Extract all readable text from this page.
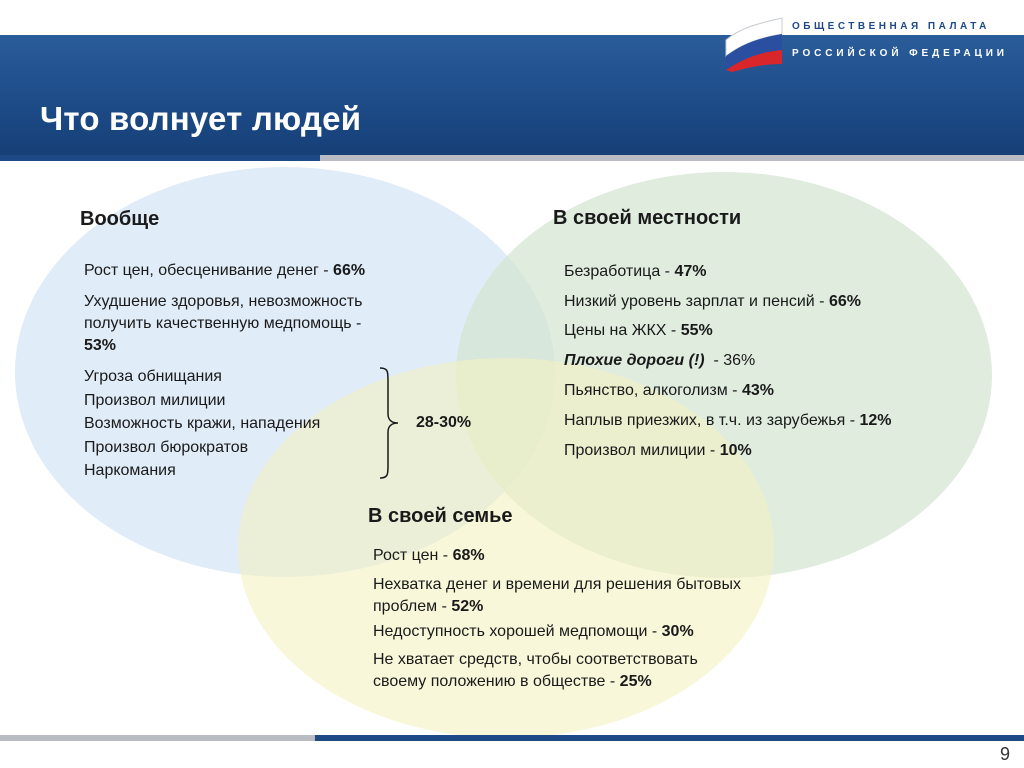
ОБЩЕСТВЕННАЯ ПАЛАТА
РОССИЙСКОЙ ФЕДЕРАЦИИ
Что волнует людей
Вообще
Рост цен, обесценивание денег - 66%
Ухудшение здоровья, невозможность получить качественную медпомощь - 53%
Угроза обнищания
Произвол милиции
Возможность кражи, нападения
Произвол бюрократов
Наркомания
28-30%
В своей местности
Безработица - 47%
Низкий уровень зарплат и пенсий - 66%
Цены на ЖКХ - 55%
Плохие дороги (!)  - 36%
Пьянство, алкоголизм - 43%
Наплыв приезжих, в т.ч. из зарубежья - 12%
Произвол милиции - 10%
В своей семье
Рост цен - 68%
Нехватка денег и времени для решения бытовых проблем - 52%
Недоступность хорошей медпомощи - 30%
Не хватает средств, чтобы соответствовать своему положению в обществе - 25%
9
